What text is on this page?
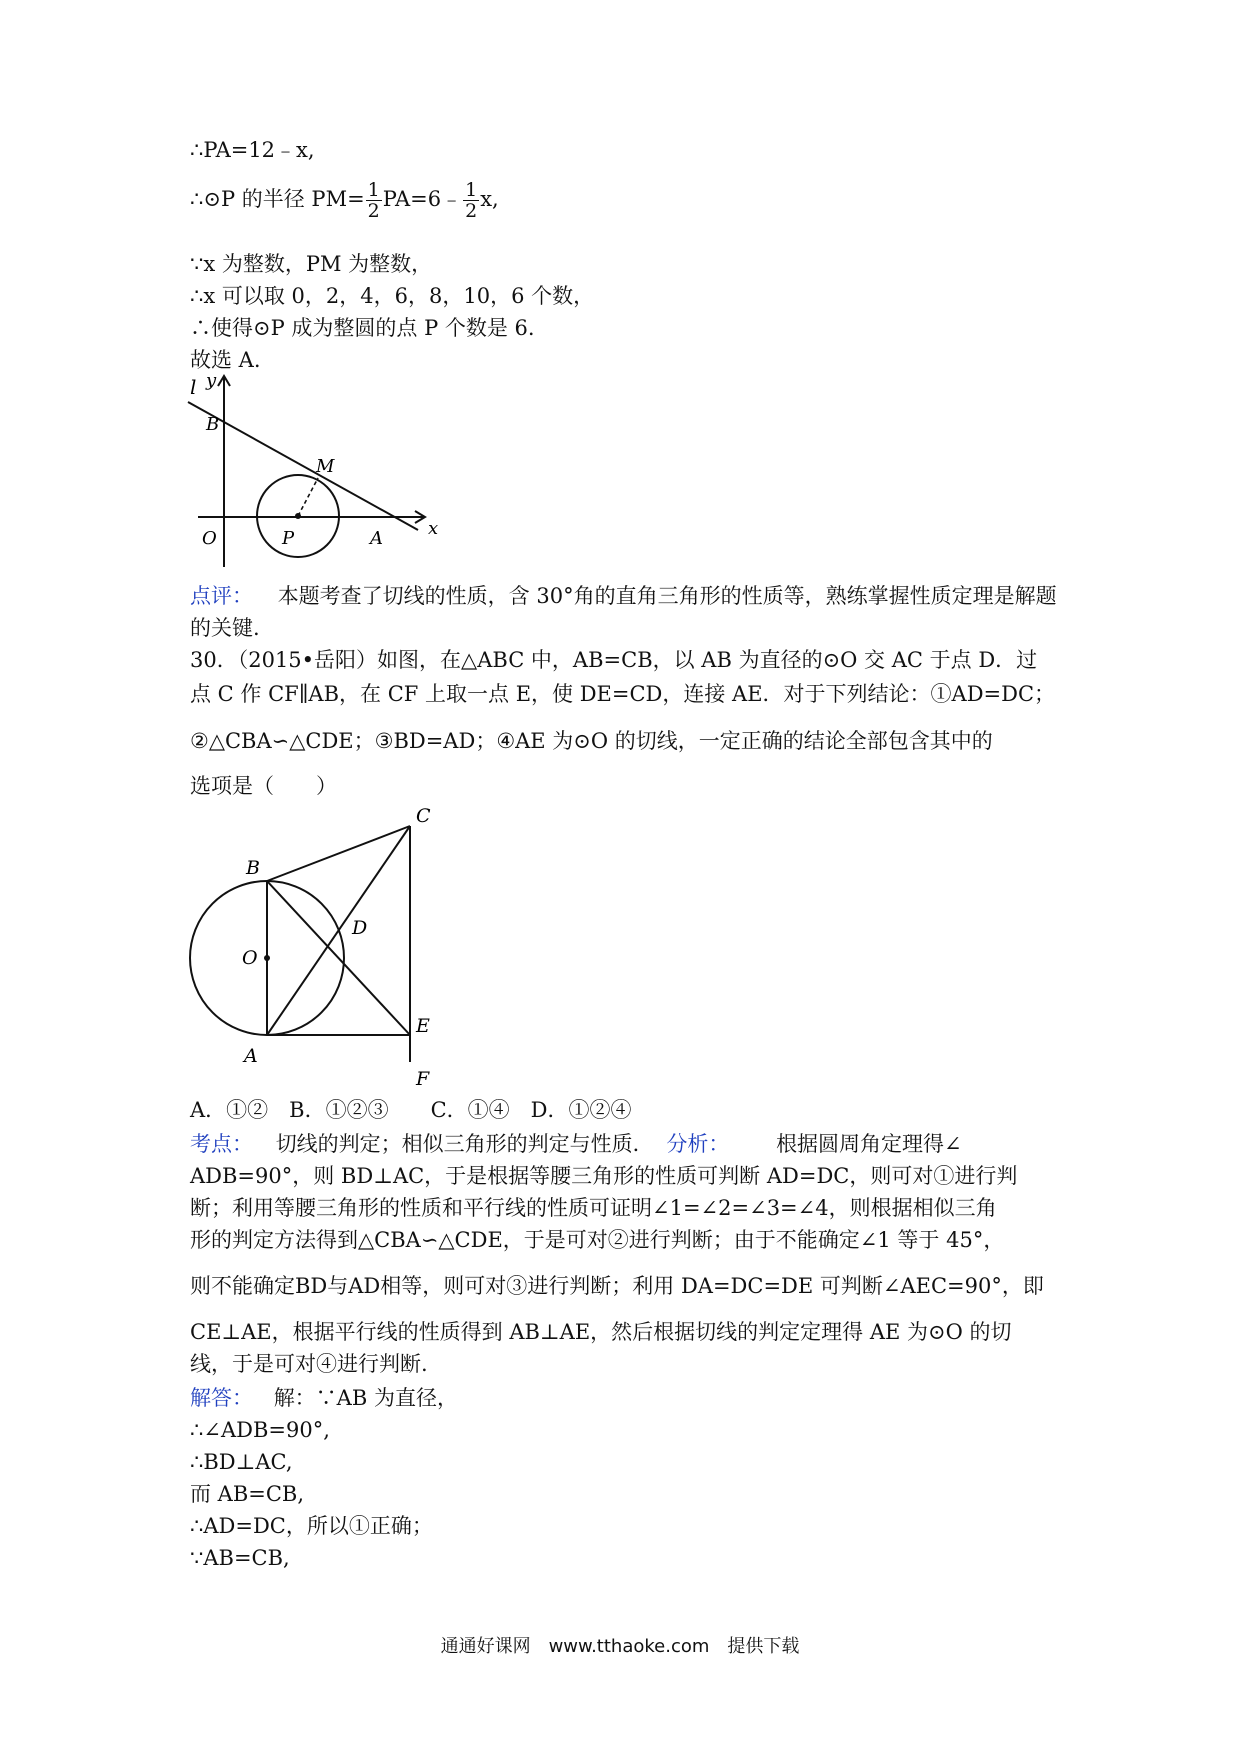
∴PA=12﹣x,
∴⊙P 的半径 $PM= \frac{1}{2}$ PA=6﹣ $\frac{1}{2} x$,
∵x 为整数，PM 为整数，
∴x 可以取 0，2，4，6，8，10，6 个数，
∴使得⊙P 成为整圆的点 P 个数是 6.
故选 A.
l y
B
M
O	P	A	x
点评： 本题考查了切线的性质，含 30°角的直角三角形的性质等，熟练掌握性质定理是解题的关键.
30．（2015•岳阳）如图，在△ABC 中，AB=CB，以 AB 为直径的⊙O 交 AC 于点 D．过
点 C 作 CF∥AB，在 CF 上取一点 E，使 DE=CD，连接 AE．对于下列结论：①AD=DC；
②△CBA∽△CDE；③BD=AD；④AE 为⊙O 的切线，一定正确的结论全部包含其中的
选项是（　　）
C
B
D
O
E
A
F
A．①②　B．①②③　　C．①④　D．①②④
考点： 切线的判定；相似三角形的判定与性质． 分析： 根据圆周角定理得∠
ADB=90°，则 BD⊥AC，于是根据等腰三角形的性质可判断 AD=DC，则可对①进行判
断；利用等腰三角形的性质和平行线的性质可证明∠1=∠2=∠3=∠4，则根据相似三角
形的判定方法得到△CBA∽△CDE，于是可对②进行判断；由于不能确定∠1 等于 45°，
则不能确定BD与AD相等，则可对③进行判断；利用 DA=DC=DE 可判断∠AEC=90°，即
CE⊥AE，根据平行线的性质得到 AB⊥AE，然后根据切线的判定定理得 AE 为⊙O 的切
线，于是可对④进行判断.
解答： 解：∵AB 为直径，
∴∠ADB=90°,
∴BD⊥AC,
而 AB=CB,
∴AD=DC，所以①正确；
∵AB=CB,
通通好课网　www.tthaoke.com　提供下载
